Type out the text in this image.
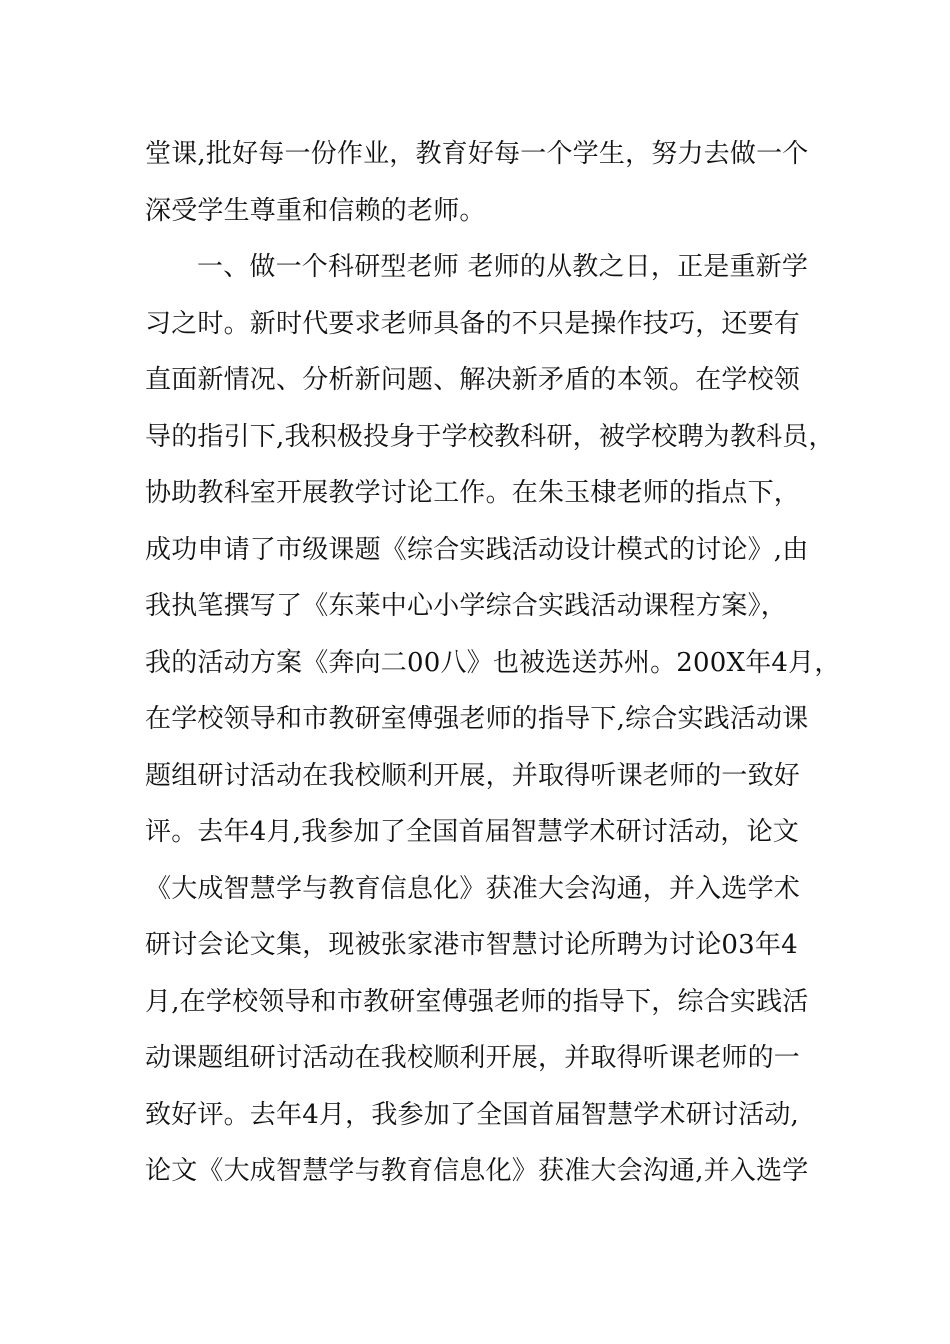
堂课,批好每一份作业，教育好每一个学生，努力去做一个
深受学生尊重和信赖的老师。
一、做一个科研型老师 老师的从教之日，正是重新学
习之时。新时代要求老师具备的不只是操作技巧，还要有
直面新情况、分析新问题、解决新矛盾的本领。在学校领
导的指引下,我积极投身于学校教科研，被学校聘为教科员，
协助教科室开展教学讨论工作。在朱玉棣老师的指点下，
成功申请了市级课题《综合实践活动设计模式的讨论》,由
我执笔撰写了《东莱中心小学综合实践活动课程方案》，
我的活动方案《奔向二00八》也被选送苏州。200X年4月，
在学校领导和市教研室傅强老师的指导下,综合实践活动课
题组研讨活动在我校顺利开展，并取得听课老师的一致好
评。去年4月,我参加了全国首届智慧学术研讨活动，论文
《大成智慧学与教育信息化》获准大会沟通，并入选学术
研讨会论文集，现被张家港市智慧讨论所聘为讨论03年4
月,在学校领导和市教研室傅强老师的指导下，综合实践活
动课题组研讨活动在我校顺利开展，并取得听课老师的一
致好评。去年4月，我参加了全国首届智慧学术研讨活动,
论文《大成智慧学与教育信息化》获准大会沟通,并入选学
